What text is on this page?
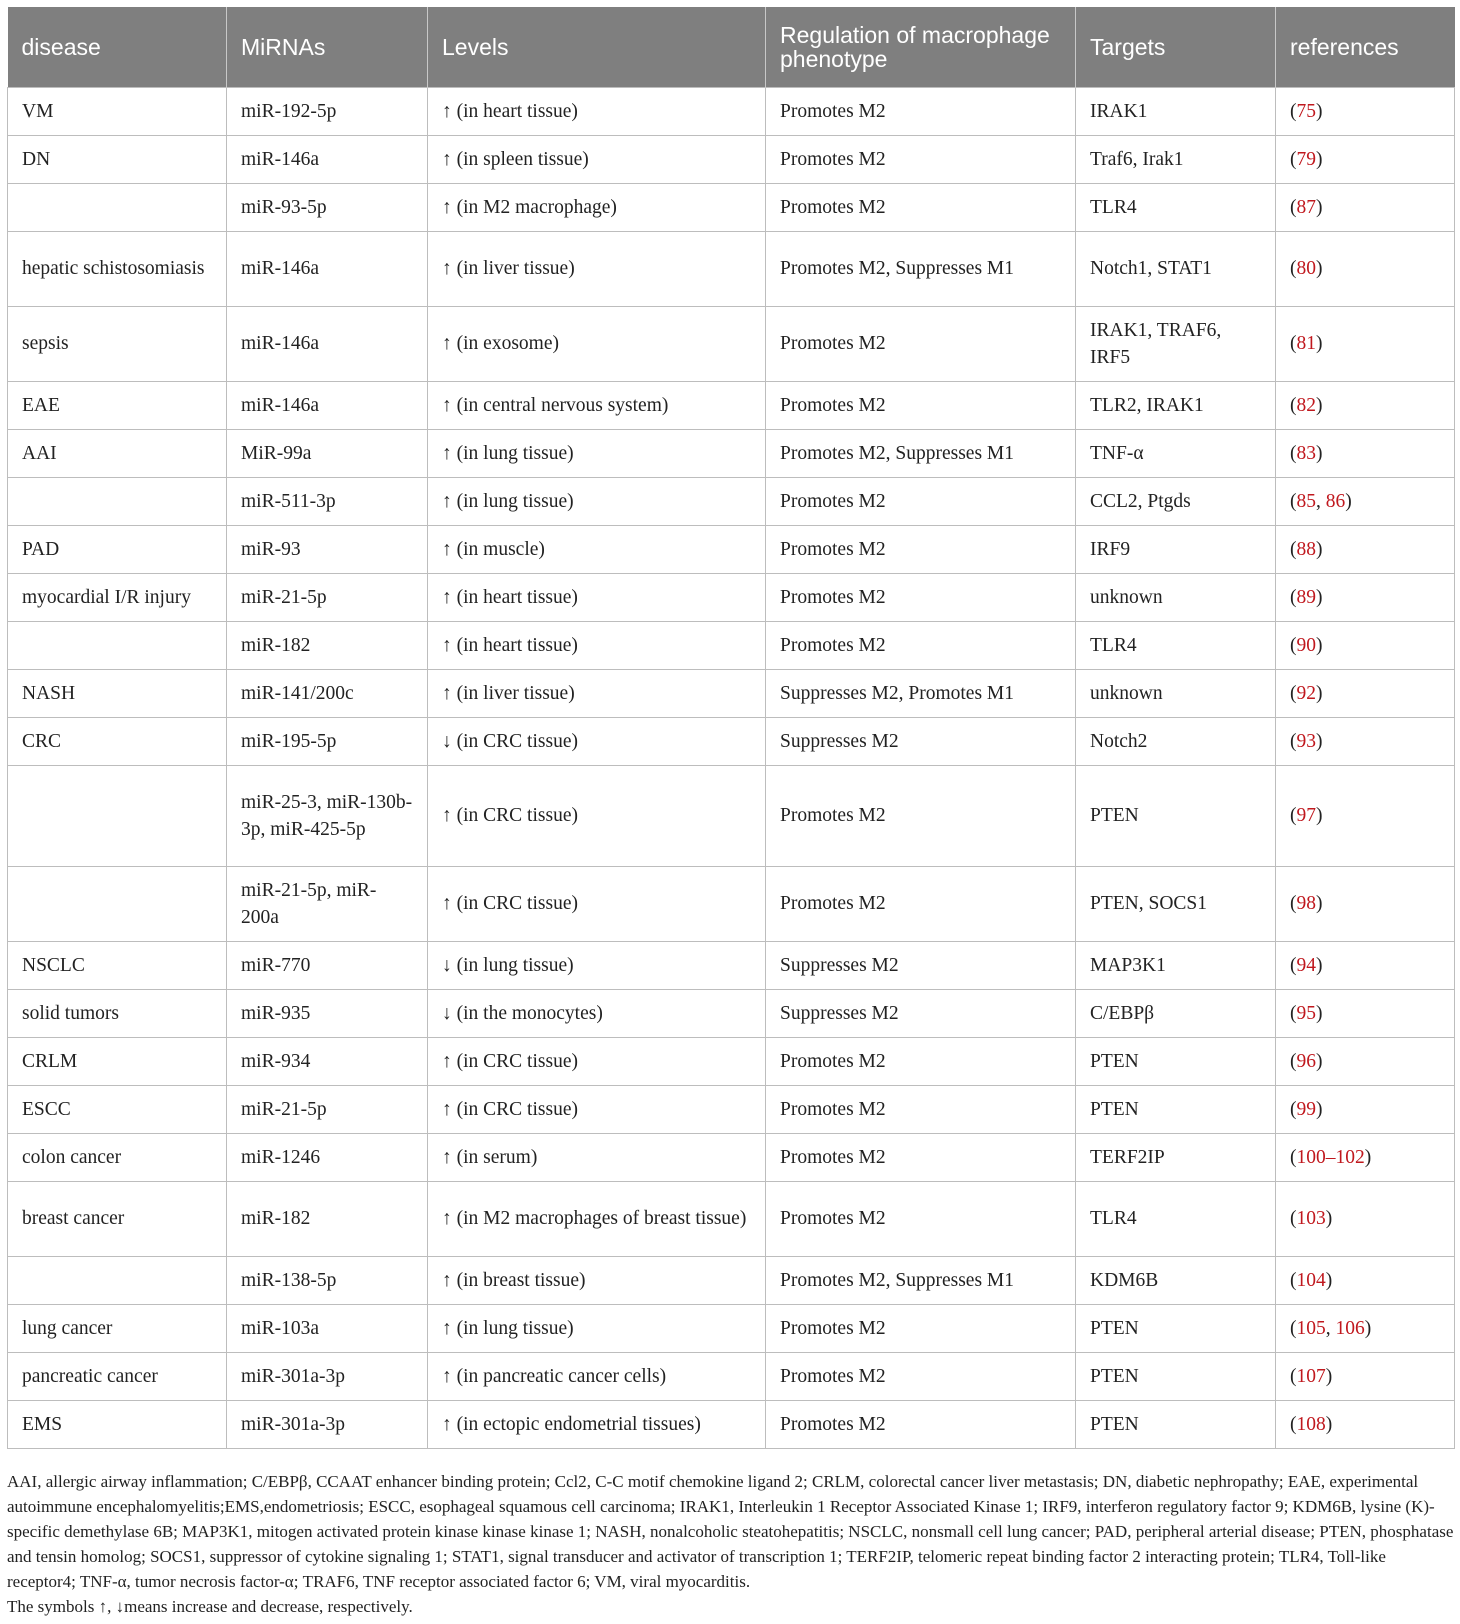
disease	MiRNAs	Levels	Regulation of macrophage phenotype	Targets	references
VM	miR-192-5p	↑ (in heart tissue)	Promotes M2	IRAK1	(75)
DN	miR-146a	↑ (in spleen tissue)	Promotes M2	Traf6, Irak1	(79)
	miR-93-5p	↑ (in M2 macrophage)	Promotes M2	TLR4	(87)
hepatic schistosomiasis	miR-146a	↑ (in liver tissue)	Promotes M2, Suppresses M1	Notch1, STAT1	(80)
sepsis	miR-146a	↑ (in exosome)	Promotes M2	IRAK1, TRAF6, IRF5	(81)
EAE	miR-146a	↑ (in central nervous system)	Promotes M2	TLR2, IRAK1	(82)
AAI	MiR-99a	↑ (in lung tissue)	Promotes M2, Suppresses M1	TNF-α	(83)
	miR-511-3p	↑ (in lung tissue)	Promotes M2	CCL2, Ptgds	(85, 86)
PAD	miR-93	↑ (in muscle)	Promotes M2	IRF9	(88)
myocardial I/R injury	miR-21-5p	↑ (in heart tissue)	Promotes M2	unknown	(89)
	miR-182	↑ (in heart tissue)	Promotes M2	TLR4	(90)
NASH	miR-141/200c	↑ (in liver tissue)	Suppresses M2, Promotes M1	unknown	(92)
CRC	miR-195-5p	↓ (in CRC tissue)	Suppresses M2	Notch2	(93)
	miR-25-3, miR-130b-3p, miR-425-5p	↑ (in CRC tissue)	Promotes M2	PTEN	(97)
	miR-21-5p, miR-200a	↑ (in CRC tissue)	Promotes M2	PTEN, SOCS1	(98)
NSCLC	miR-770	↓ (in lung tissue)	Suppresses M2	MAP3K1	(94)
solid tumors	miR-935	↓ (in the monocytes)	Suppresses M2	C/EBPβ	(95)
CRLM	miR-934	↑ (in CRC tissue)	Promotes M2	PTEN	(96)
ESCC	miR-21-5p	↑ (in CRC tissue)	Promotes M2	PTEN	(99)
colon cancer	miR-1246	↑ (in serum)	Promotes M2	TERF2IP	(100–102)
breast cancer	miR-182	↑ (in M2 macrophages of breast tissue)	Promotes M2	TLR4	(103)
	miR-138-5p	↑ (in breast tissue)	Promotes M2, Suppresses M1	KDM6B	(104)
lung cancer	miR-103a	↑ (in lung tissue)	Promotes M2	PTEN	(105, 106)
pancreatic cancer	miR-301a-3p	↑ (in pancreatic cancer cells)	Promotes M2	PTEN	(107)
EMS	miR-301a-3p	↑ (in ectopic endometrial tissues)	Promotes M2	PTEN	(108)

AAI, allergic airway inflammation; C/EBPβ, CCAAT enhancer binding protein; Ccl2, C-C motif chemokine ligand 2; CRLM, colorectal cancer liver metastasis; DN, diabetic nephropathy; EAE, experimental autoimmune encephalomyelitis;EMS,endometriosis; ESCC, esophageal squamous cell carcinoma; IRAK1, Interleukin 1 Receptor Associated Kinase 1; IRF9, interferon regulatory factor 9; KDM6B, lysine (K)-specific demethylase 6B; MAP3K1, mitogen activated protein kinase kinase kinase 1; NASH, nonalcoholic steatohepatitis; NSCLC, nonsmall cell lung cancer; PAD, peripheral arterial disease; PTEN, phosphatase and tensin homolog; SOCS1, suppressor of cytokine signaling 1; STAT1, signal transducer and activator of transcription 1; TERF2IP, telomeric repeat binding factor 2 interacting protein; TLR4, Toll-like receptor4; TNF-α, tumor necrosis factor-α; TRAF6, TNF receptor associated factor 6; VM, viral myocarditis.

The symbols ↑, ↓means increase and decrease, respectively.
